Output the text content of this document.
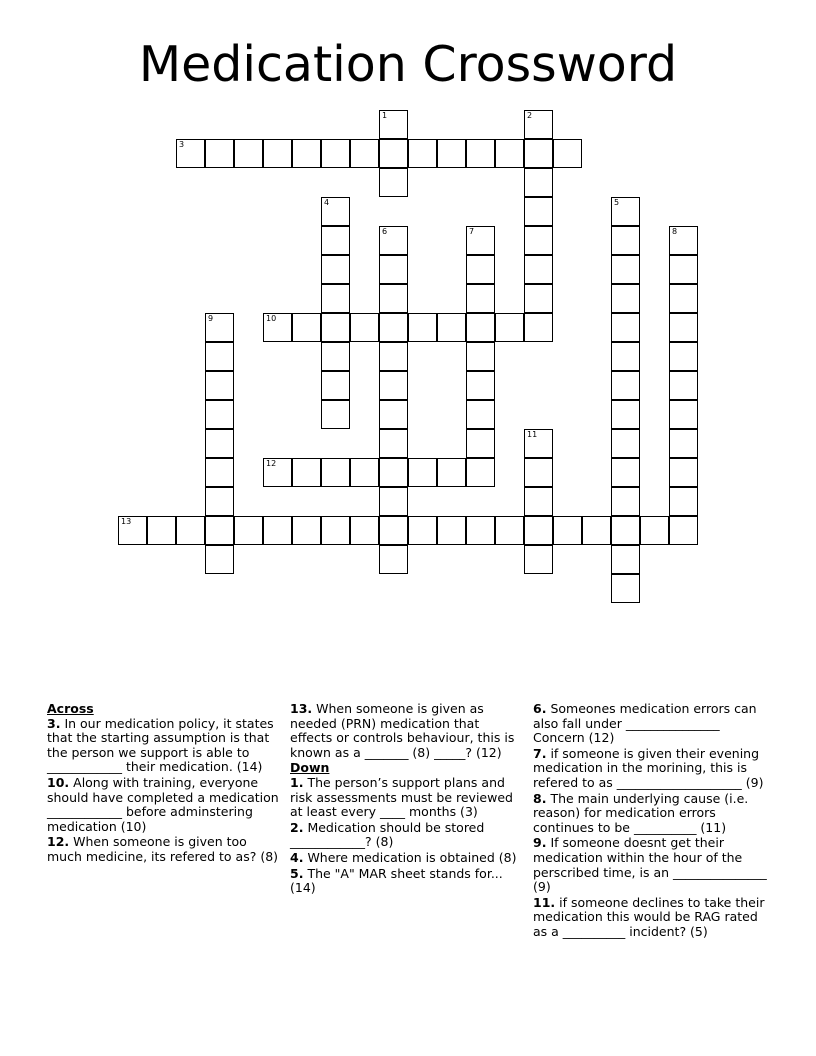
Medication Crossword
3
10
12
13
1	2
4	5
6	7	8
9
11
Across
3. In our medication policy, it states that the starting assumption is that the person we support is able to ____________ their medication. (14)
10. Along with training, everyone should have completed a medication ____________ before adminstering medication (10)
12. When someone is given too much medicine, its refered to as? (8)
13. When someone is given as needed (PRN) medication that effects or controls behaviour, this is known as a _______ (8) _____? (12)
Down
1. The person’s support plans and risk assessments must be reviewed at least every ____ months (3)
2. Medication should be stored ____________? (8)
4. Where medication is obtained (8)
5. The "A" MAR sheet stands for...(14)
6. Someones medication errors can also fall under _______________ Concern (12)
7. if someone is given their evening medication in the morining, this is refered to as ____________________ (9)
8. The main underlying cause (i.e. reason) for medication errors continues to be __________ (11)
9. If someone doesnt get their medication within the hour of the perscribed time, is an _______________ (9)
11. if someone declines to take their medication this would be RAG rated as a __________ incident? (5)
